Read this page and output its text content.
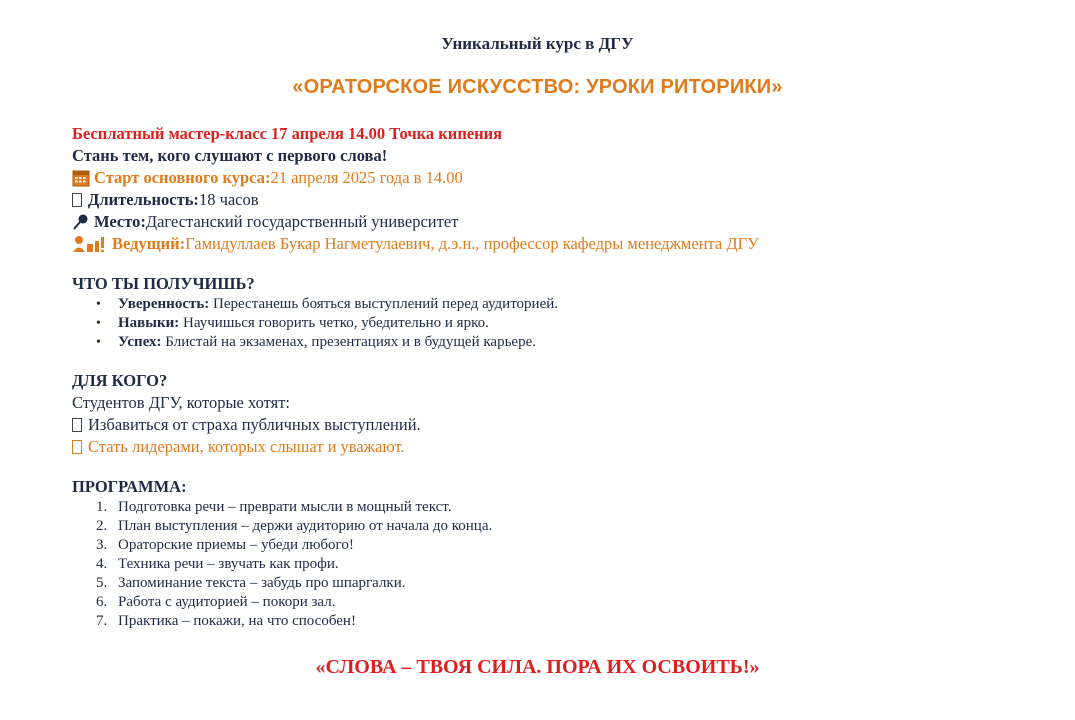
Уникальный курс в ДГУ
«ОРАТОРСКОЕ ИСКУССТВО: УРОКИ РИТОРИКИ»
Бесплатный мастер-класс 17 апреля 14.00 Точка кипения
Стань тем, кого слушают с первого слова!
Старт основного курса: 21 апреля 2025 года в 14.00
Длительность: 18 часов
Место: Дагестанский государственный университет
Ведущий: Гамидуллаев Букар Нагметулаевич, д.э.н., профессор кафедры менеджмента ДГУ
ЧТО ТЫ ПОЛУЧИШЬ?
• Уверенность: Перестанешь бояться выступлений перед аудиторией.
• Навыки: Научишься говорить четко, убедительно и ярко.
• Успех: Блистай на экзаменах, презентациях и в будущей карьере.
ДЛЯ КОГО?
Студентов ДГУ, которые хотят:
Избавиться от страха публичных выступлений.
Стать лидерами, которых слышат и уважают.
ПРОГРАММА:
1. Подготовка речи – преврати мысли в мощный текст.
2. План выступления – держи аудиторию от начала до конца.
3. Ораторские приемы – убеди любого!
4. Техника речи – звучать как профи.
5. Запоминание текста – забудь про шпаргалки.
6. Работа с аудиторией – покори зал.
7. Практика – покажи, на что способен!
«СЛОВА – ТВОЯ СИЛА. ПОРА ИХ ОСВОИТЬ!»
